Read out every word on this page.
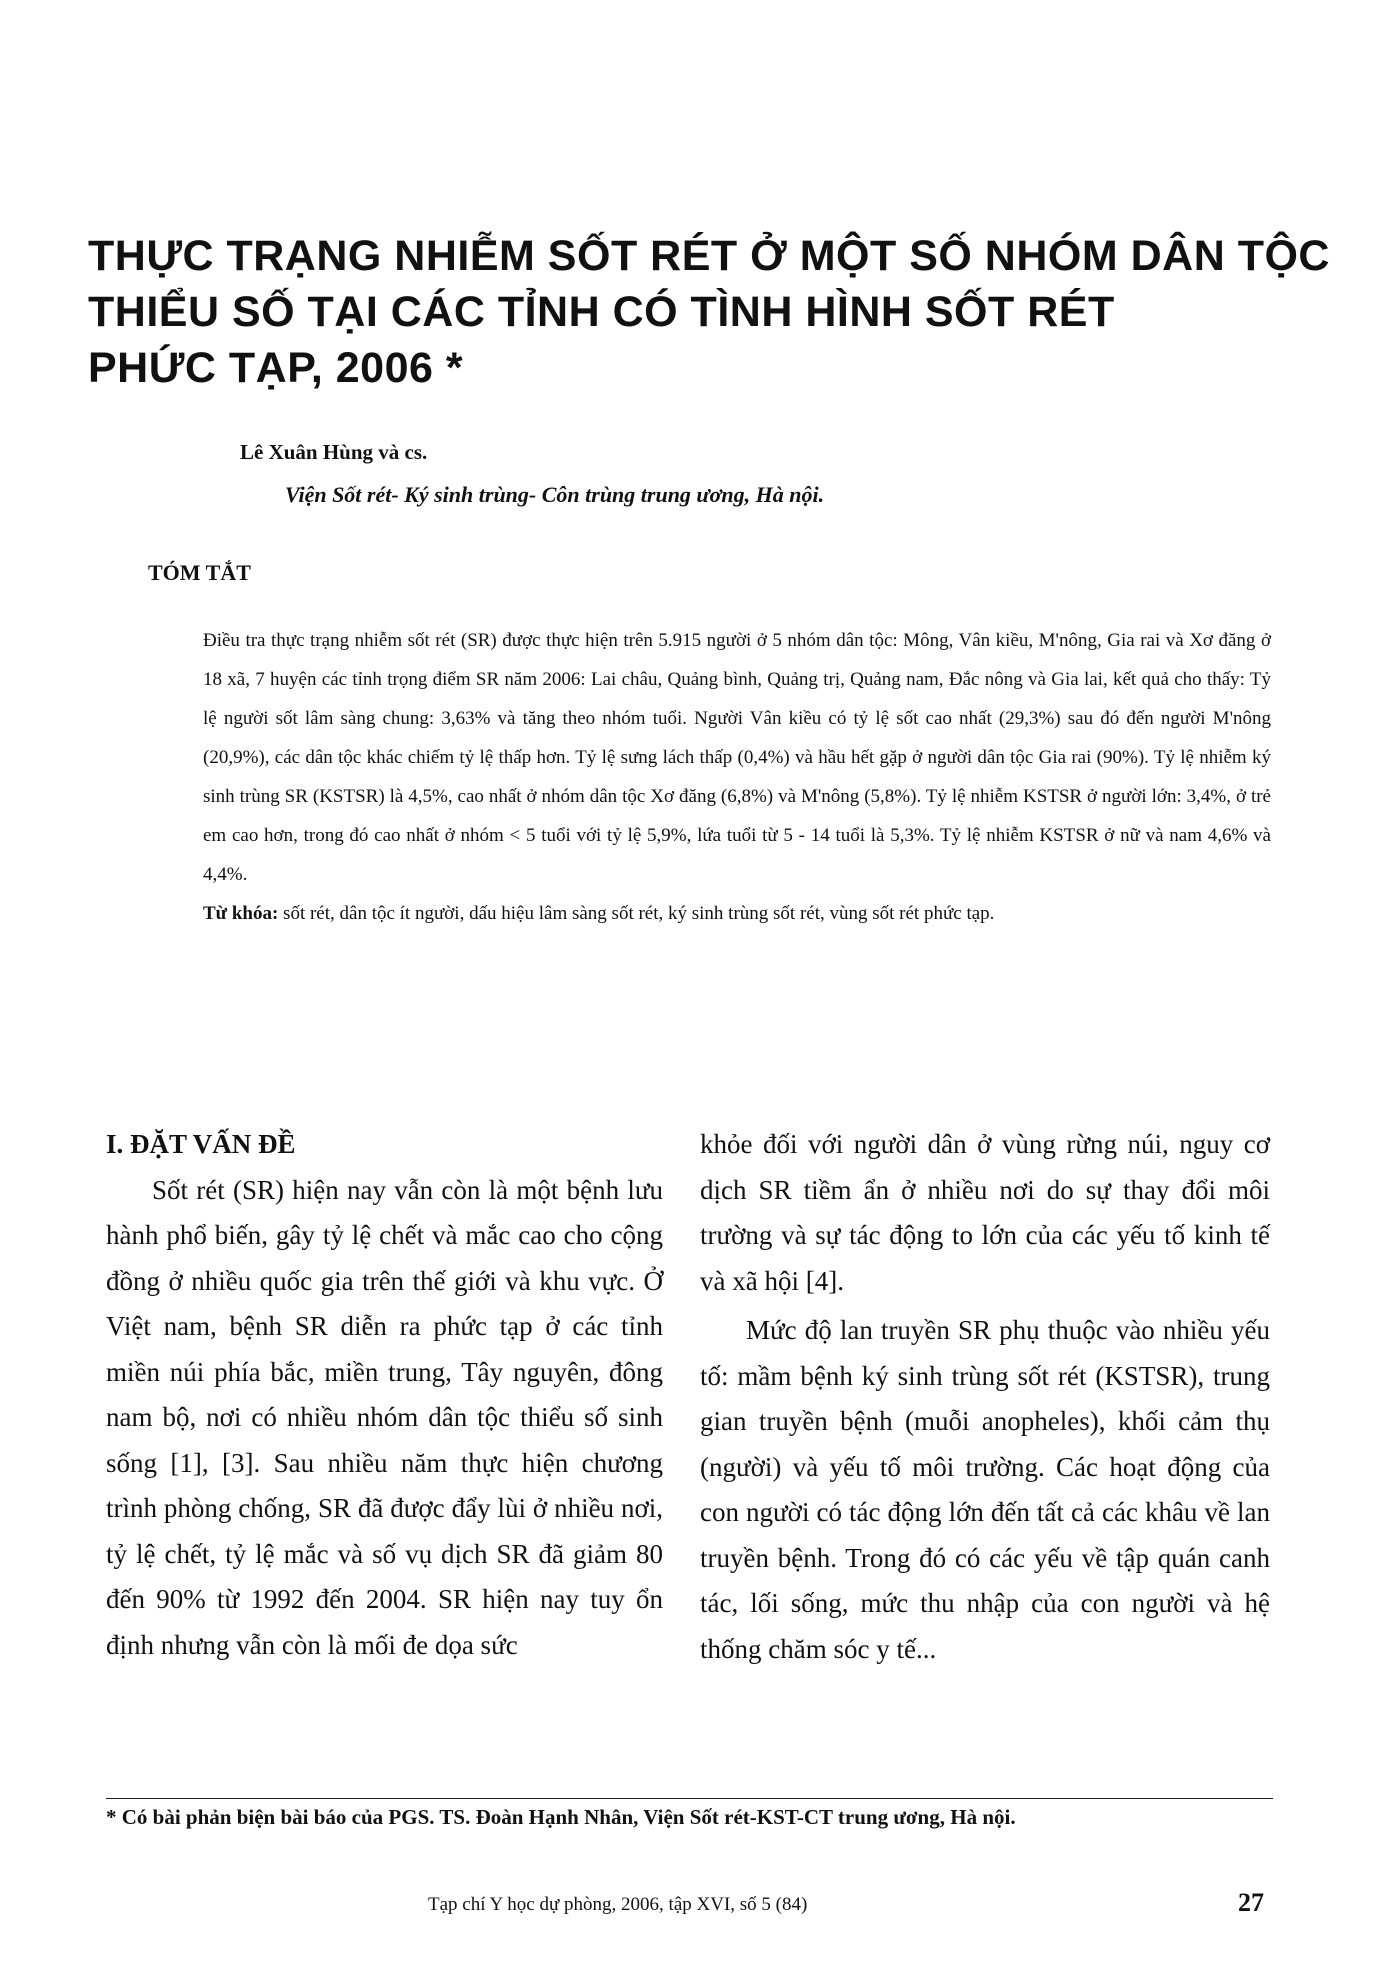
THỰC TRẠNG NHIỄM SỐT RÉT Ở MỘT SỐ NHÓM DÂN TỘC
THIỂU SỐ TẠI CÁC TỈNH CÓ TÌNH HÌNH SỐT RÉT
PHỨC TẠP, 2006 *
Lê Xuân Hùng và cs.
Viện Sốt rét- Ký sinh trùng- Côn trùng trung ương, Hà nội.
TÓM TẮT

Điều tra thực trạng nhiễm sốt rét (SR) được thực hiện trên 5.915 người ở 5 nhóm dân tộc: Mông, Vân kiều, M'nông, Gia rai và Xơ đăng ở 18 xã, 7 huyện các tỉnh trọng điểm SR năm 2006: Lai châu, Quảng bình, Quảng trị, Quảng nam, Đắc nông và Gia lai, kết quả cho thấy: Tỷ lệ người sốt lâm sàng chung: 3,63% và tăng theo nhóm tuổi. Người Vân kiều có tỷ lệ sốt cao nhất (29,3%) sau đó đến người M'nông (20,9%), các dân tộc khác chiếm tỷ lệ thấp hơn. Tỷ lệ sưng lách thấp (0,4%) và hầu hết gặp ở người dân tộc Gia rai (90%). Tỷ lệ nhiễm ký sinh trùng SR (KSTSR) là 4,5%, cao nhất ở nhóm dân tộc Xơ đăng (6,8%) và M'nông (5,8%). Tỷ lệ nhiễm KSTSR ở người lớn: 3,4%, ở trẻ em cao hơn, trong đó cao nhất ở nhóm < 5 tuổi với tỷ lệ 5,9%, lứa tuổi từ 5 - 14 tuổi là 5,3%. Tỷ lệ nhiễm KSTSR ở nữ và nam 4,6% và 4,4%.

Từ khóa: sốt rét, dân tộc ít người, dấu hiệu lâm sàng sốt rét, ký sinh trùng sốt rét, vùng sốt rét phức tạp.

I. ĐẶT VẤN ĐỀ

Sốt rét (SR) hiện nay vẫn còn là một bệnh lưu hành phổ biến, gây tỷ lệ chết và mắc cao cho cộng đồng ở nhiều quốc gia trên thế giới và khu vực. Ở Việt nam, bệnh SR diễn ra phức tạp ở các tỉnh miền núi phía bắc, miền trung, Tây nguyên, đông nam bộ, nơi có nhiều nhóm dân tộc thiểu số sinh sống [1], [3]. Sau nhiều năm thực hiện chương trình phòng chống, SR đã được đẩy lùi ở nhiều nơi, tỷ lệ chết, tỷ lệ mắc và số vụ dịch SR đã giảm 80 đến 90% từ 1992 đến 2004. SR hiện nay tuy ổn định nhưng vẫn còn là mối đe dọa sức

khỏe đối với người dân ở vùng rừng núi, nguy cơ dịch SR tiềm ẩn ở nhiều nơi do sự thay đổi môi trường và sự tác động to lớn của các yếu tố kinh tế và xã hội [4].

Mức độ lan truyền SR phụ thuộc vào nhiều yếu tố: mầm bệnh ký sinh trùng sốt rét (KSTSR), trung gian truyền bệnh (muỗi anopheles), khối cảm thụ (người) và yếu tố môi trường. Các hoạt động của con người có tác động lớn đến tất cả các khâu về lan truyền bệnh. Trong đó có các yếu về tập quán canh tác, lối sống, mức thu nhập của con người và hệ thống chăm sóc y tế...

* Có bài phản biện bài báo của PGS. TS. Đoàn Hạnh Nhân, Viện Sốt rét-KST-CT trung ương, Hà nội.
Tạp chí Y học dự phòng, 2006, tập XVI, số 5 (84)	27
